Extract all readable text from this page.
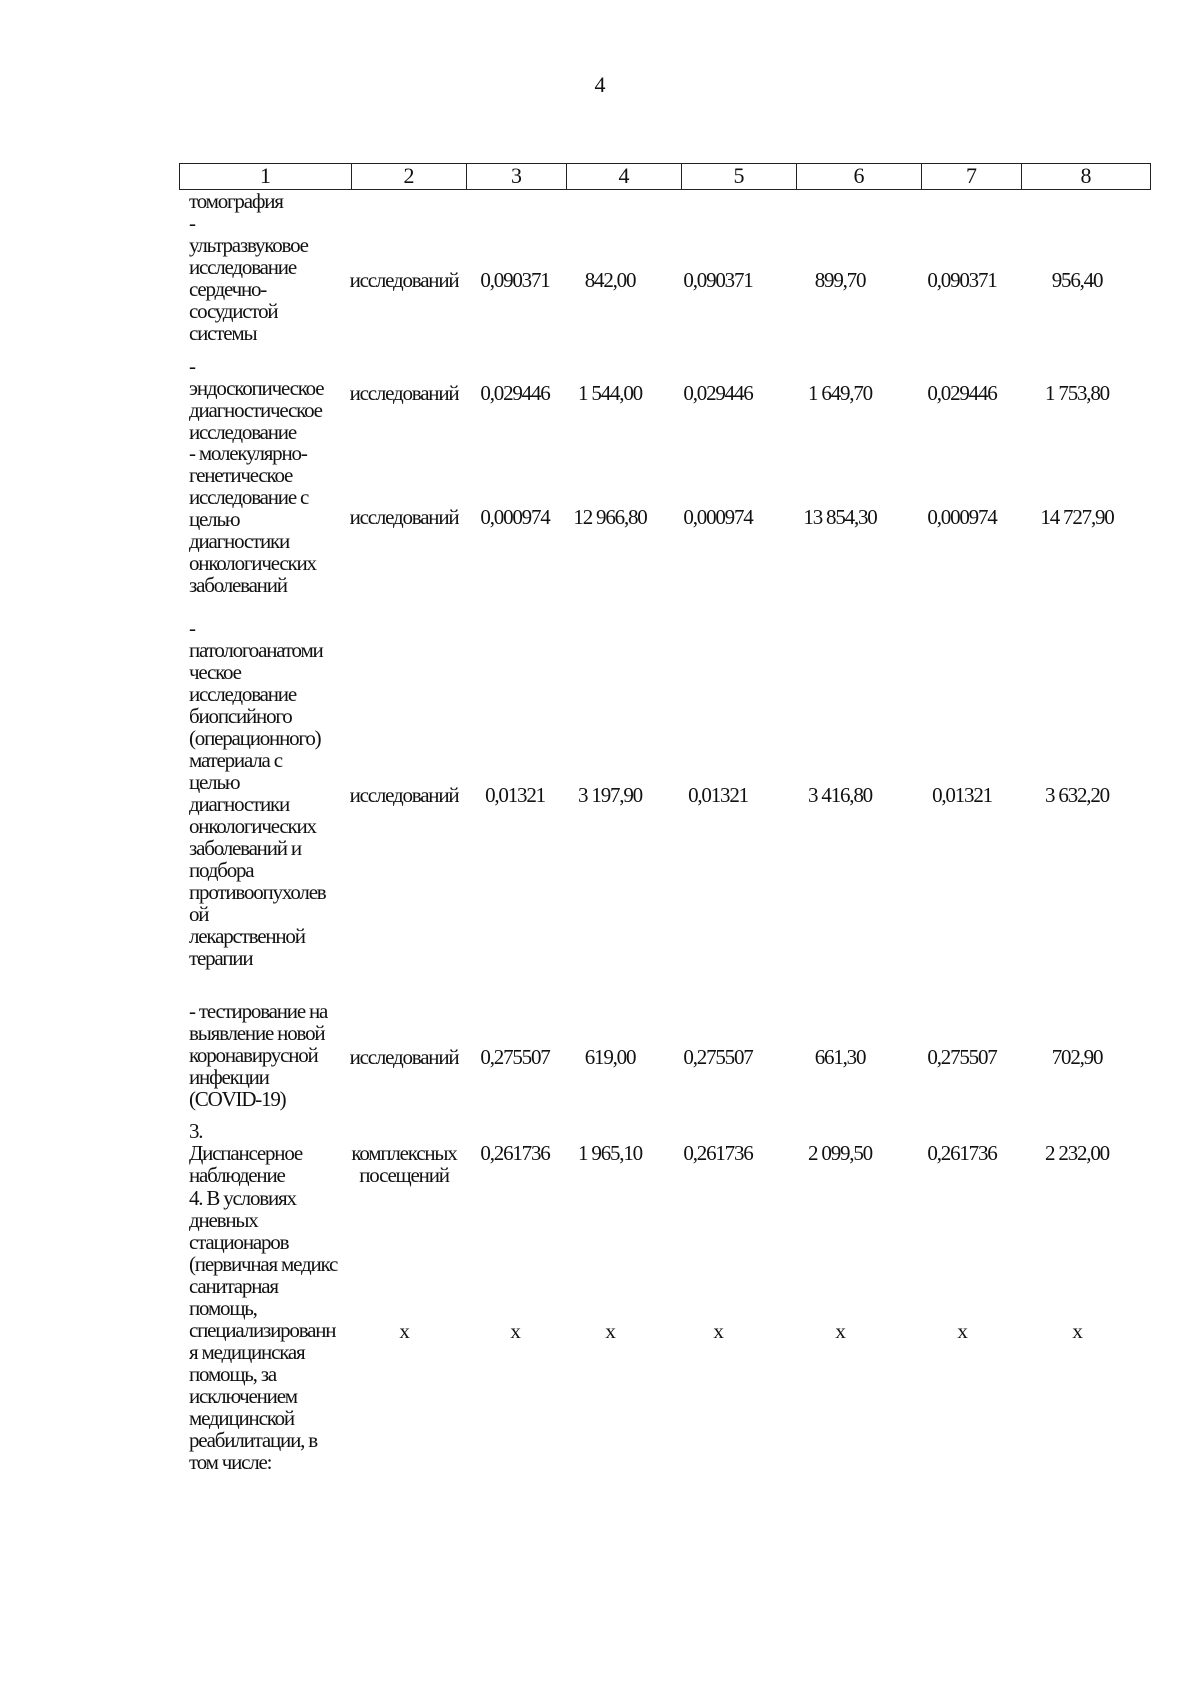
4
1	2	3	4	5	6	7	8
томография
-
ультразвуковое
исследование
сердечно-
сосудистой
системы
исследований	0,090371	842,00	0,090371	899,70	0,090371	956,40
-
эндоскопическое
диагностическое
исследование
исследований	0,029446	1 544,00	0,029446	1 649,70	0,029446	1 753,80
- молекулярно-
генетическое
исследование с
целью
диагностики
онкологических
заболеваний
исследований	0,000974	12 966,80	0,000974	13 854,30	0,000974	14 727,90
-
патологоанатоми
ческое
исследование
биопсийного
(операционного)
материала с
целью
диагностики
онкологических
заболеваний и
подбора
противоопухолев
ой
лекарственной
терапии
исследований	0,01321	3 197,90	0,01321	3 416,80	0,01321	3 632,20
- тестирование на
выявление новой
коронавирусной
инфекции
(COVID-19)
исследований	0,275507	619,00	0,275507	661,30	0,275507	702,90
3.
Диспансерное
наблюдение
комплексных
посещений
0,261736	1 965,10	0,261736	2 099,50	0,261736	2 232,00
4. В условиях
дневных
стационаров
(первичная медикс
санитарная
помощь,
специализированн
я медицинская
помощь, за
исключением
медицинской
реабилитации, в
том числе:
х	х	х	х	х	х	х
